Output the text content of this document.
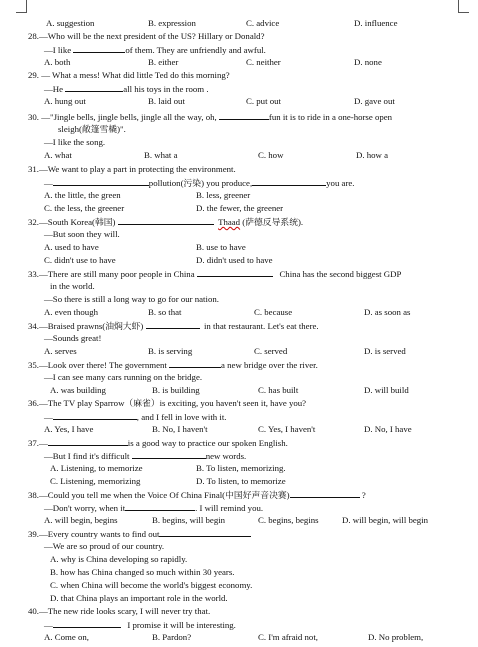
A. suggestion	B. expression	C. advice	D. influence
28.—Who will be the next president of the US? Hillary or Donald?
—I like	of them. They are unfriendly and awful.
A. both	B. either	C. neither	D. none
29. — What a mess! What did little Ted do this morning?
—He	all his toys in the room .
A. hung out	B. laid out	C. put out	D. gave out
30. —"Jingle bells, jingle bells, jingle all the way, oh,	fun it is to ride in a one-horse open
sleigh(敞篷雪橇)".
—I like the song.
A. what	B. what a	C. how	D. how a
31.—We want to play a part in protecting the environment.
—	pollution(污染) you produce,	you are.
A. the little, the green	B. less, greener
C. the less, the greener	D. the fewer, the greener
32.—South Korea(韩国)	Thaad (萨德反导系统).
—But soon they will.
A. used to have	B. use to have
C. didn't use to have	D. didn't used to have
33.—There are still many poor people in China	China has the second biggest GDP
in the world.
—So there is still a long way to go for our nation.
A. even though	B. so that	C. because	D. as soon as
34.—Braised prawns(油焖大虾)	in that restaurant. Let's eat there.
—Sounds great!
A. serves	B. is serving	C. served	D. is served
35.—Look over there! The government	a new bridge over the river.
—I can see many cars running on the bridge.
A. was building	B. is building	C. has built	D. will build
36.—The TV play Sparrow（麻雀）is exciting, you haven't seen it, have you?
—	, and I fell in love with it.
A. Yes, I have	B. No, I haven't	C. Yes, I haven't	D. No, I have
37.—	is a good way to practice our spoken English.
—But I find it's difficult	new words.
A. Listening, to memorize	B. To listen, memorizing.
C. Listening, memorizing	D. To listen, to memorize
38.—Could you tell me when the Voice Of China Final(中国好声音决赛)	?
—Don't worry, when it	. I will remind you.
A. will begin, begins	B. begins, will begin	C. begins, begins	D. will begin, will begin
39.—Every country wants to find out
—We are so proud of our country.
A. why is China developing so rapidly.
B. how has China changed so much within 30 years.
C. when China will become the world's biggest economy.
D. that China plays an important role in the world.
40.—The new ride looks scary, I will never try that.
—	I promise it will be interesting.
A. Come on,	B. Pardon?	C. I'm afraid not,	D. No problem,
